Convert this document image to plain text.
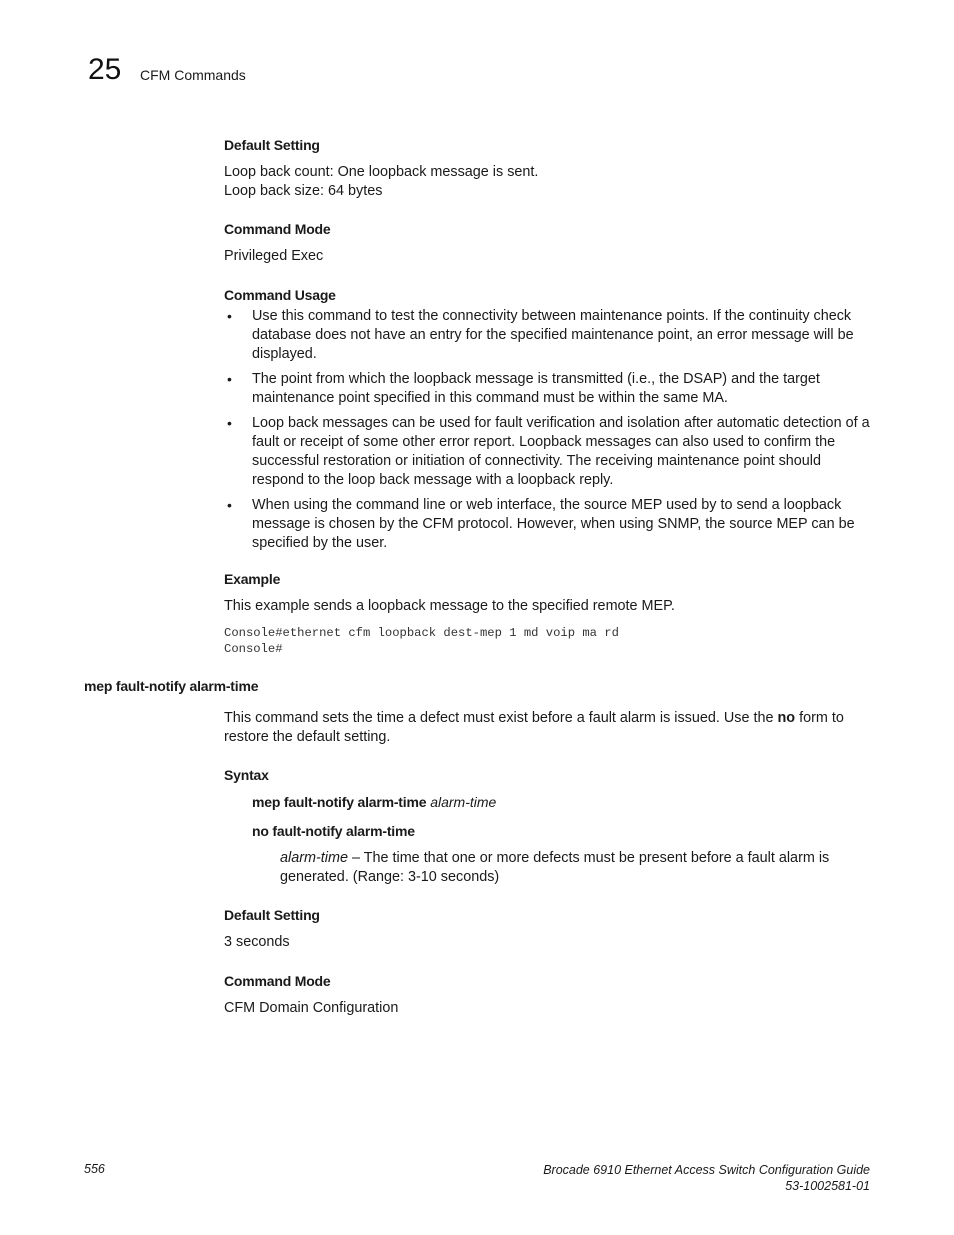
25 CFM Commands
Default Setting
Loop back count: One loopback message is sent.
Loop back size: 64 bytes
Command Mode
Privileged Exec
Command Usage
• Use this command to test the connectivity between maintenance points. If the continuity check database does not have an entry for the specified maintenance point, an error message will be displayed.
• The point from which the loopback message is transmitted (i.e., the DSAP) and the target maintenance point specified in this command must be within the same MA.
• Loop back messages can be used for fault verification and isolation after automatic detection of a fault or receipt of some other error report. Loopback messages can also used to confirm the successful restoration or initiation of connectivity. The receiving maintenance point should respond to the loop back message with a loopback reply.
• When using the command line or web interface, the source MEP used by to send a loopback message is chosen by the CFM protocol. However, when using SNMP, the source MEP can be specified by the user.
Example
This example sends a loopback message to the specified remote MEP.
Console#ethernet cfm loopback dest-mep 1 md voip ma rd
Console#
mep fault-notify alarm-time
This command sets the time a defect must exist before a fault alarm is issued. Use the no form to restore the default setting.
Syntax
mep fault-notify alarm-time alarm-time
no fault-notify alarm-time
alarm-time – The time that one or more defects must be present before a fault alarm is generated. (Range: 3-10 seconds)
Default Setting
3 seconds
Command Mode
CFM Domain Configuration
556	Brocade 6910 Ethernet Access Switch Configuration Guide
53-1002581-01
